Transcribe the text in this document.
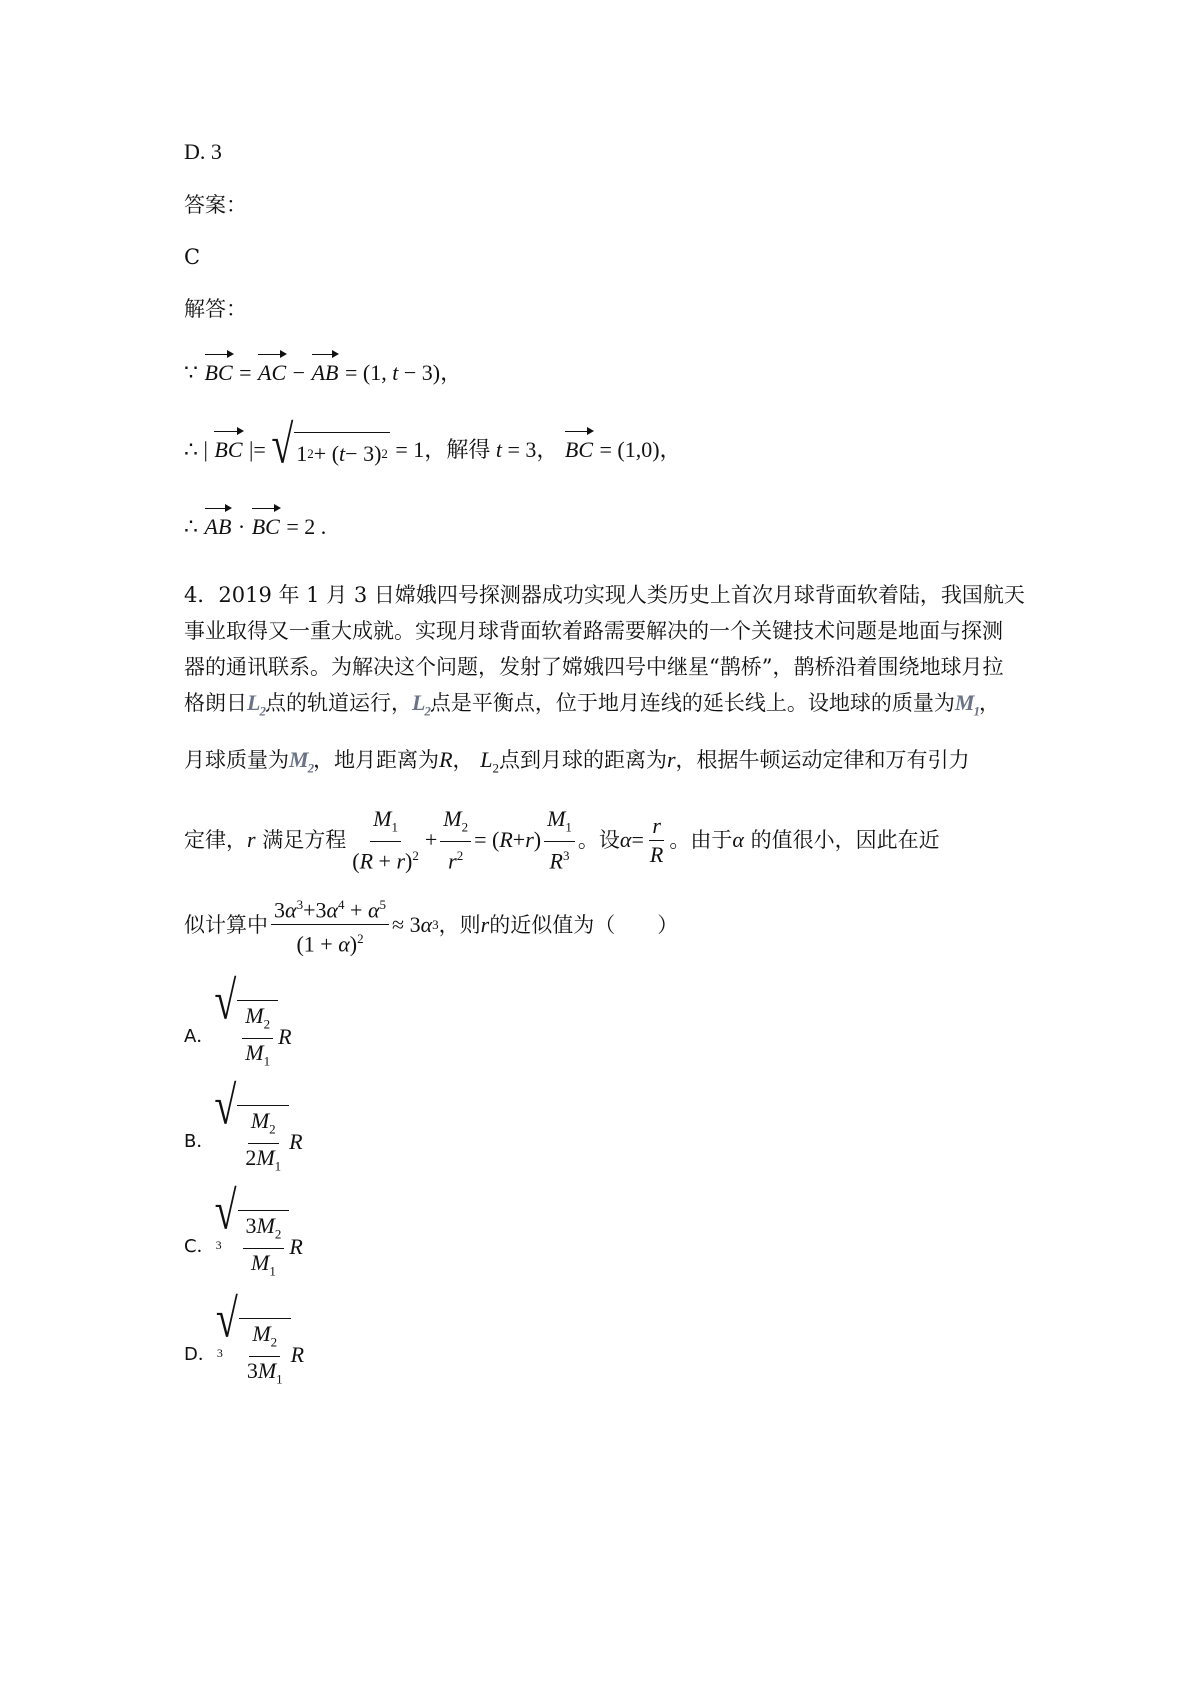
D. 3
答案：
C
解答：
∵ BC = AC − AB = (1, t − 3)，
∴ | BC |= √ 1 2 + ( t − 3) 2 = 1，解得 t = 3， BC = (1,0)，
∴ AB · BC = 2 .
4．2019 年 1 月 3 日嫦娥四号探测器成功实现人类历史上首次月球背面软着陆，我国航天
事业取得又一重大成就。实现月球背面软着路需要解决的一个关键技术问题是地面与探测
器的通讯联系。为解决这个问题，发射了嫦娥四号中继星“鹊桥”，鹊桥沿着围绕地球月拉
格朗日$L_2$点的轨道运行，$L_2$点是平衡点，位于地月连线的延长线上。设地球的质量为$M_1$，
月球质量为$M_2$，地月距离为R， $L_2$点到月球的距离为r，根据牛顿运动定律和万有引力
定律， r
满足方程 $\frac{M_1}{(R + r)^2} + \frac{M_2}{r^2}$ = ( R + r ) $\frac{M_1}{R^3}$ 。设 $\alpha = \frac{r}{R}$ 。由于 α
的值很小，因此在近
似计算中 $\frac{3\alpha^3+3\alpha^4 + \alpha^5}{(1 + \alpha)^2} \approx 3$ α 3 ，则 r 的近似值为（　　）
A．
√
$\frac{M_2}{M_1}$ R
B．
√
$\frac{M_2}{2M_1}$ R
C． 3
√
$\frac{3M_2}{M_1}$ R
D． 3
√
$\frac{M_2}{3M_1}$ R
